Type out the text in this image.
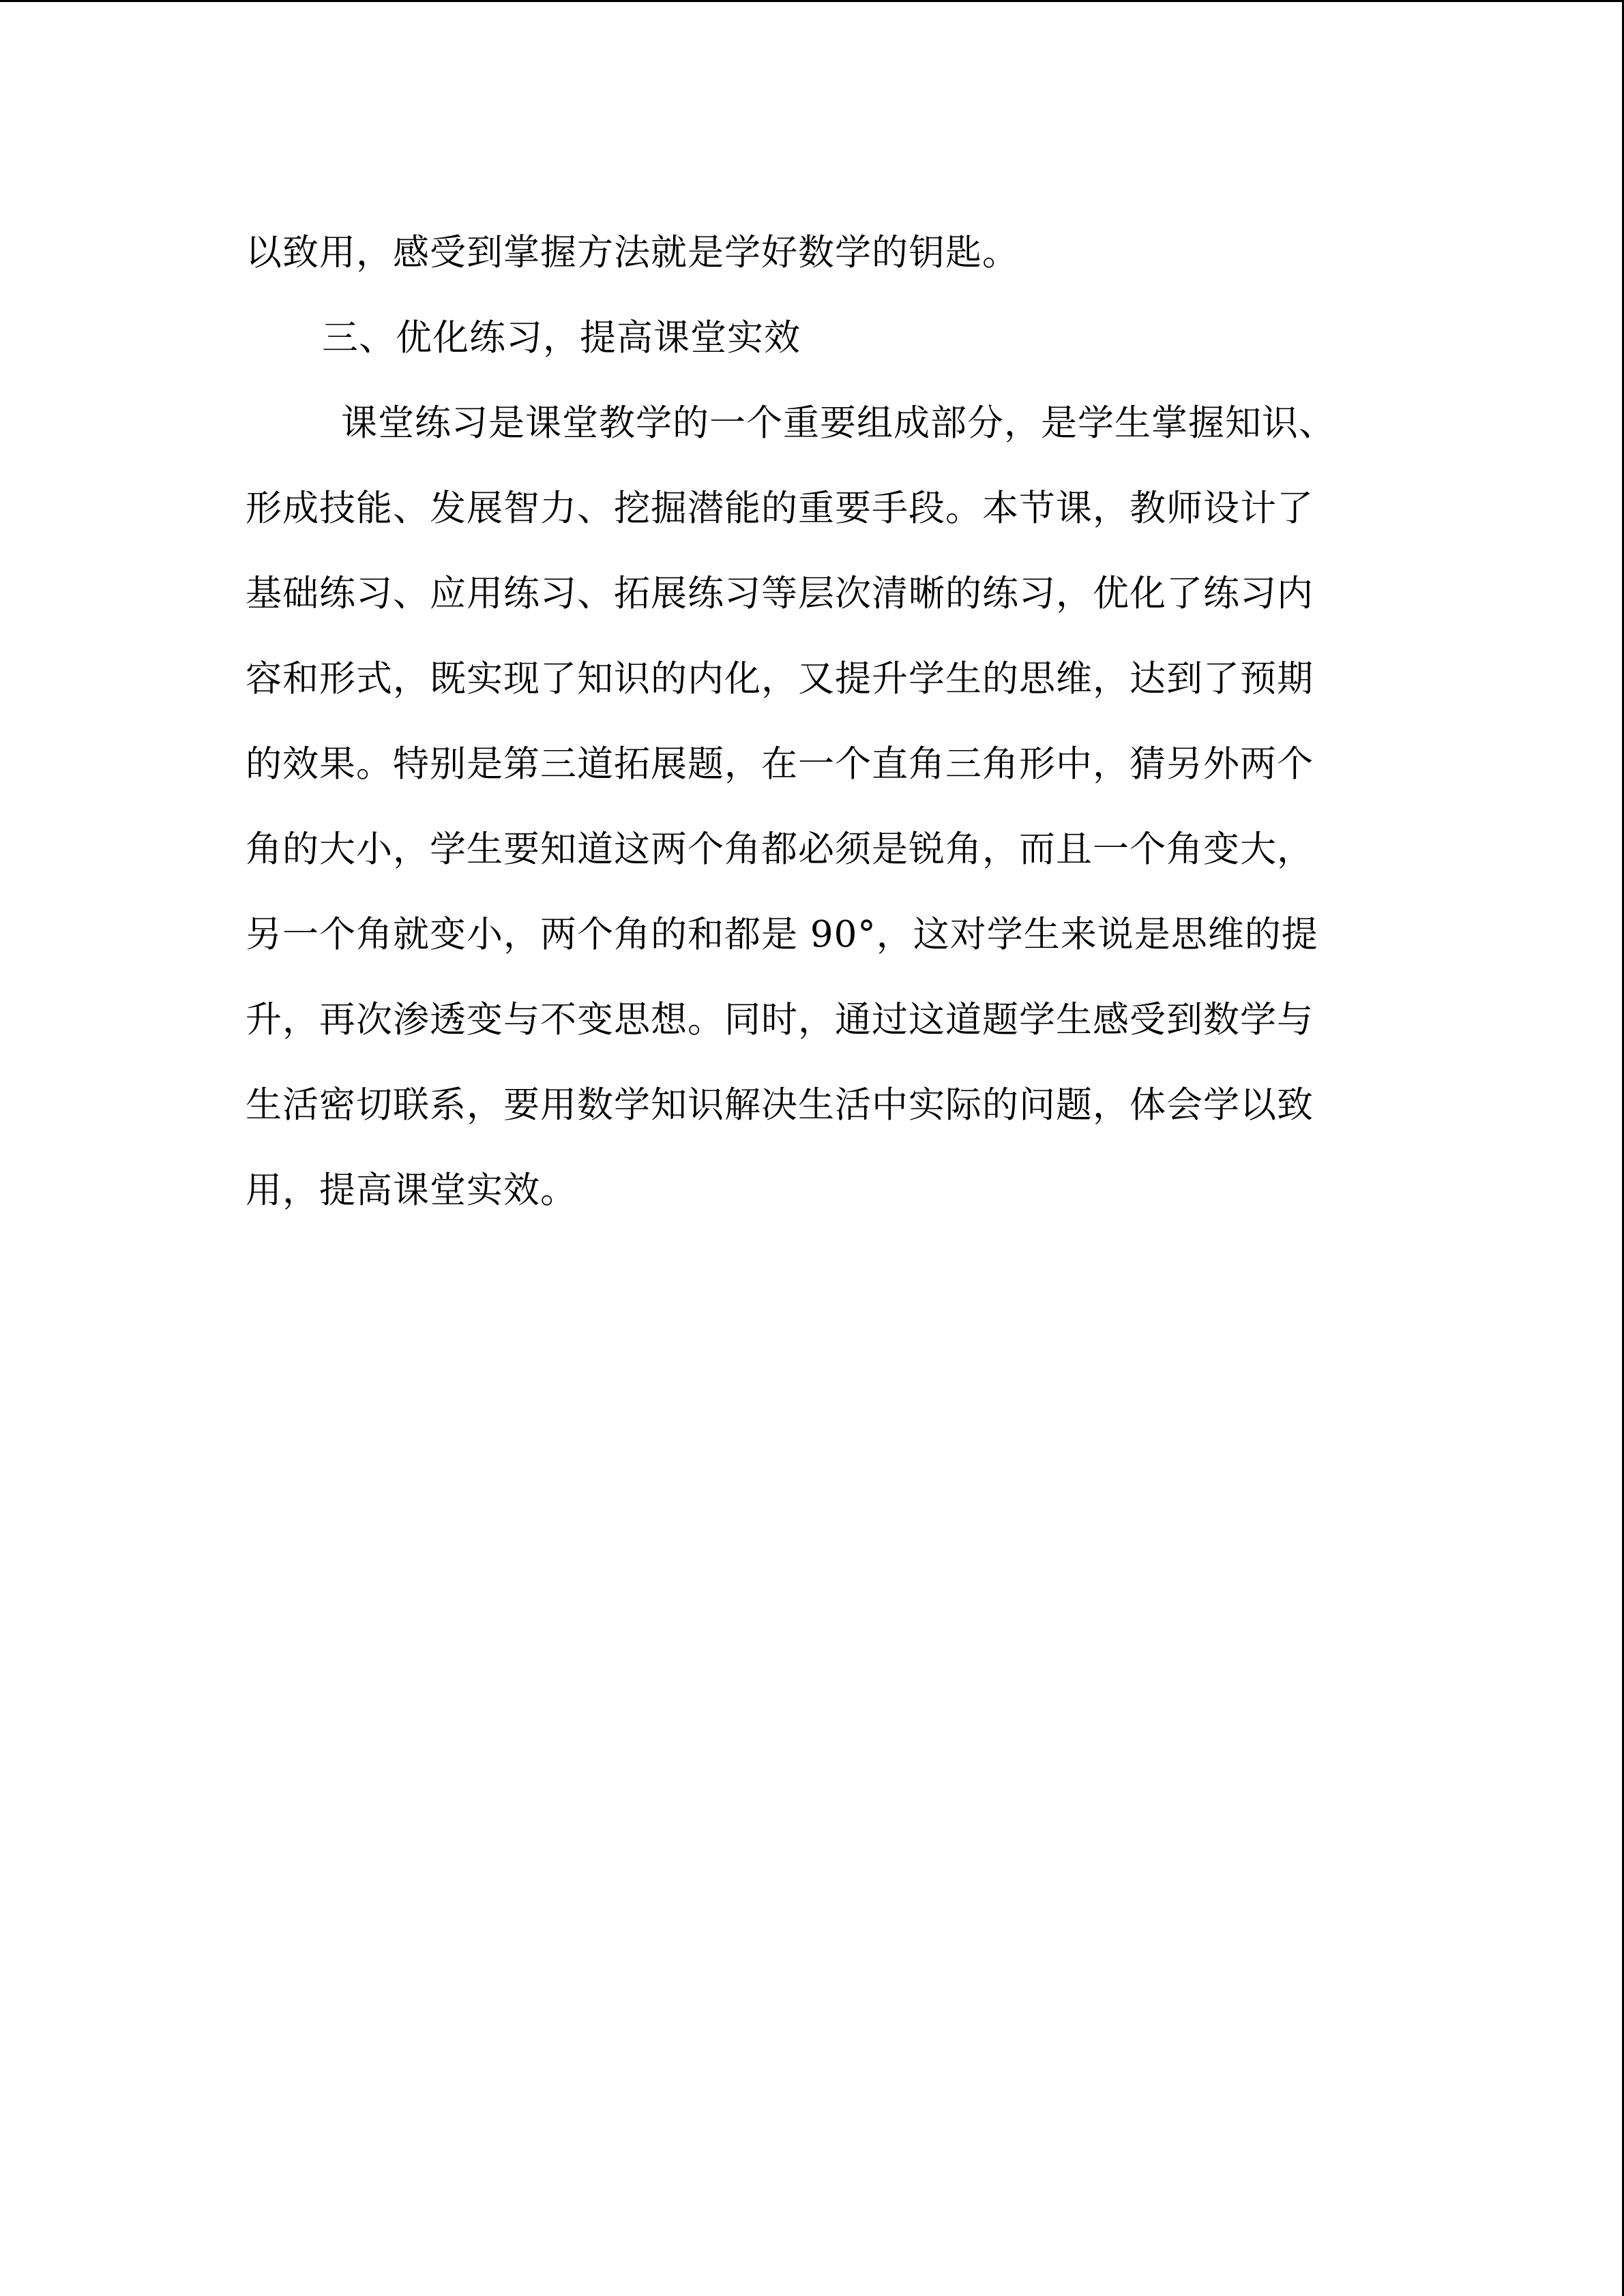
以致用，感受到掌握方法就是学好数学的钥匙。
三、优化练习，提高课堂实效
课堂练习是课堂教学的一个重要组成部分，是学生掌握知识、
形成技能、发展智力、挖掘潜能的重要手段。本节课，教师设计了
基础练习、应用练习、拓展练习等层次清晰的练习，优化了练习内
容和形式，既实现了知识的内化，又提升学生的思维，达到了预期
的效果。特别是第三道拓展题，在一个直角三角形中，猜另外两个
角的大小，学生要知道这两个角都必须是锐角，而且一个角变大，
另一个角就变小，两个角的和都是 90°，这对学生来说是思维的提
升，再次渗透变与不变思想。同时，通过这道题学生感受到数学与
生活密切联系，要用数学知识解决生活中实际的问题，体会学以致
用，提高课堂实效。
